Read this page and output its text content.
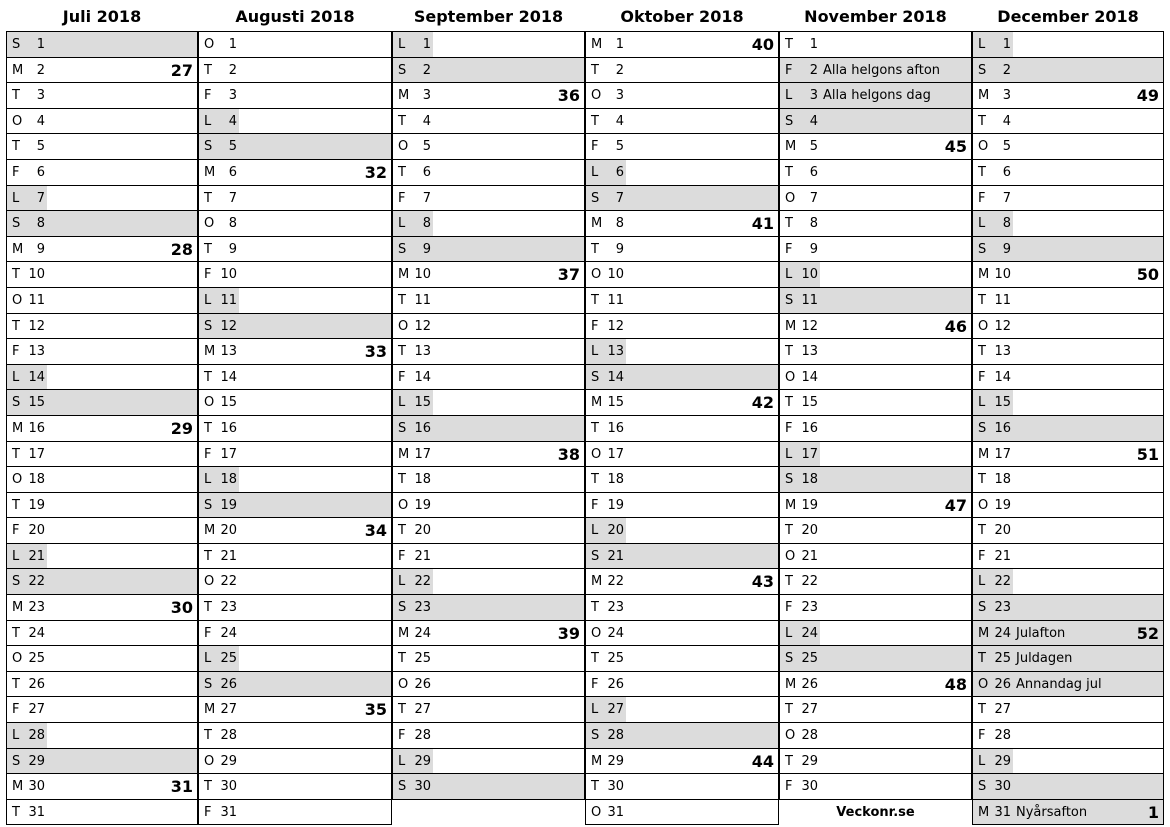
Juli 2018
S	1
M	2	27
T	3
O	4
T	5
F	6
L	7
S	8
M	9	28
T 10
O 11
T 12
F 13
L 14
S 15
M 16	29
T 17
O 18
T 19
F 20
L 21
S 22
M 23	30
T 24
O 25
T 26
F 27
L 28
S 29
M 30	31
T 31
Augusti 2018
O	1
T	2
F	3
L	4
S	5
M	6	32
T	7
O	8
T	9
F 10
L 11
S 12
M 13	33
T 14
O 15
T 16
F 17
L 18
S 19
M 20	34
T 21
O 22
T 23
F 24
L 25
S 26
M 27	35
T 28
O 29
T 30
F 31
September 2018
L	1
S	2
M	3	36
T	4
O	5
T	6
F	7
L	8
S	9
M 10	37
T 11
O 12
T 13
F 14
L 15
S 16
M 17	38
T 18
O 19
T 20
F 21
L 22
S 23
M 24	39
T 25
O 26
T 27
F 28
L 29
S 30
Oktober 2018
M	1	40
T	2
O	3
T	4
F	5
L	6
S	7
M	8	41
T	9
O 10
T 11
F 12
L 13
S 14
M 15	42
T 16
O 17
T 18
F 19
L 20
S 21
M 22	43
T 23
O 24
T 25
F 26
L 27
S 28
M 29	44
T 30
O 31
November 2018
T	1
F	2 Alla helgons afton
L	3 Alla helgons dag
S	4
M	5	45
T	6
O	7
T	8
F	9
L 10
S 11
M 12	46
T 13
O 14
T 15
F 16
L 17
S 18
M 19	47
T 20
O 21
T 22
F 23
L 24
S 25
M 26	48
T 27
O 28
T 29
F 30
Veckonr.se
December 2018
L	1
S	2
M	3	49
T	4
O	5
T	6
F	7
L	8
S	9
M 10	50
T 11
O 12
T 13
F 14
L 15
S 16
M 17	51
T 18
O 19
T 20
F 21
L 22
S 23
M 24 Julafton	52
T 25 Juldagen
O 26 Annandag jul
T 27
F 28
L 29
S 30
M 31 Nyårsafton	1
